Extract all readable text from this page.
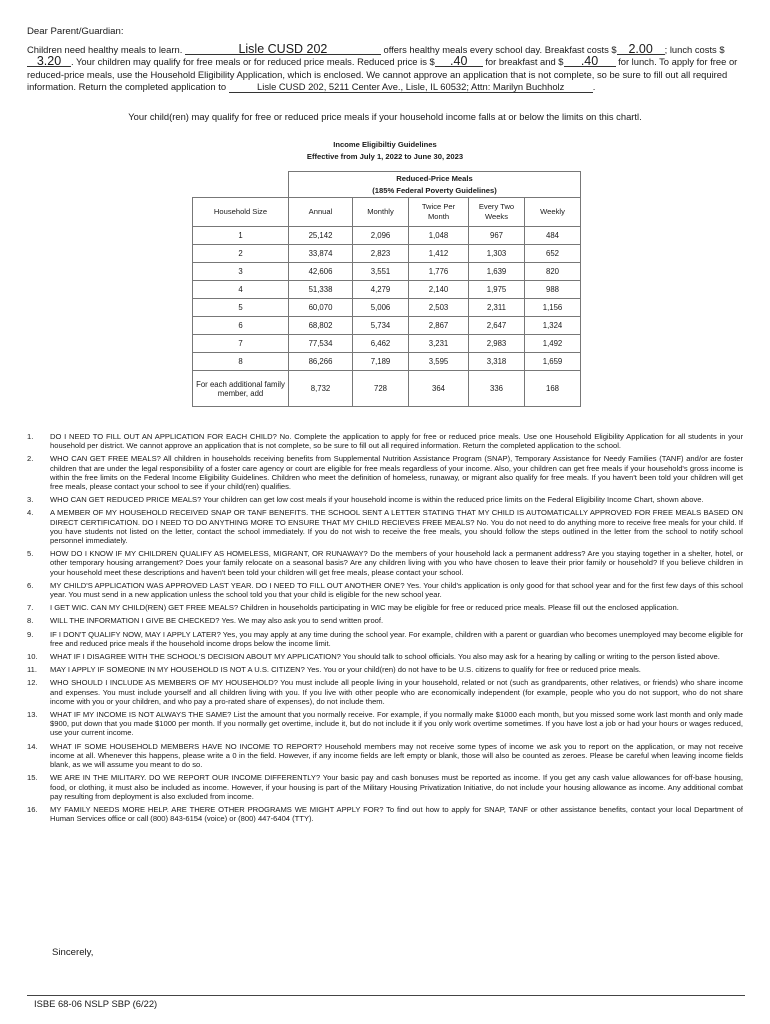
Dear Parent/Guardian:
Children need healthy meals to learn.	Lisle CUSD 202	offers healthy meals every school day. Breakfast costs $ 2.00 ; lunch costs $3.20 . Your children may qualify for free meals or for reduced price meals. Reduced price is $ .40 for breakfast and $ .40 for lunch. To apply for free or reduced-price meals, use the Household Eligibility Application, which is enclosed. We cannot approve an application that is not complete, so be sure to fill out all required information. Return the completed application to	Lisle CUSD 202, 5211 Center Ave., Lisle, IL 60532; Attn: Marilyn Buchholz	.
Your child(ren) may qualify for free or reduced price meals if your household income falls at or below the limits on this chartl.
Income Eligibiltiy Guidelines
Effective from July 1, 2022 to June 30, 2023

	Reduced-Price Meals
(185% Federal Poverty Guidelines)				

Household Size	Annual	Monthly	Twice Per Month	Every Two Weeks	Weekly
1	25,142	2,096	1,048	967	484
2	33,874	2,823	1,412	1,303	652
3	42,606	3,551	1,776	1,639	820
4	51,338	4,279	2,140	1,975	988
5	60,070	5,006	2,503	2,311	1,156
6	68,802	5,734	2,867	2,647	1,324
7	77,534	6,462	3,231	2,983	1,492
8	86,266	7,189	3,595	3,318	1,659
For each additional family member, add	8,732	728	364	336	168
1.	DO I NEED TO FILL OUT AN APPLICATION FOR EACH CHILD? No. Complete the application to apply for free or reduced price meals. Use one Household Eligibility Application for all students in your household per district. We cannot approve an application that is not complete, so be sure to fill out all required information. Return the completed application to the school.
2.	WHO CAN GET FREE MEALS? All children in households receiving benefits from Supplemental Nutrition Assistance Program (SNAP), Temporary Assistance for Needy Families (TANF) and/or are foster children that are under the legal responsibility of a foster care agency or court are eligible for free meals regardless of your income. Also, your children can get free meals if your household's gross income is within the free limits on the Federal Income Eligibility Guidelines. Children who meet the definition of homeless, runaway, or migrant also qualify for free meals. If you haven't been told your children will get free meals, please contact your school to see if your child(ren) qualifies.
3.	WHO CAN GET REDUCED PRICE MEALS? Your children can get low cost meals if your household income is within the reduced price limits on the Federal Eligibility Income Chart, shown above.
4.	A MEMBER OF MY HOUSEHOLD RECEIVED SNAP OR TANF BENEFITS. THE SCHOOL SENT A LETTER STATING THAT MY CHILD IS AUTOMATICALLY APPROVED FOR FREE MEALS BASED ON DIRECT CERTIFICATION. DO I NEED TO DO ANYTHING MORE TO ENSURE THAT MY CHILD RECIEVES FREE MEALS? No. You do not need to do anything more to receive free meals for your child. If you have students not listed on the letter, contact the school immediately. If you do not wish to receive the free meals, you should follow the steps outlined in the letter from the school to notify school personnel immediately.
5.	HOW DO I KNOW IF MY CHILDREN QUALIFY AS HOMELESS, MIGRANT, OR RUNAWAY? Do the members of your household lack a permanent address? Are you staying together in a shelter, hotel, or other temporary housing arrangement? Does your family relocate on a seasonal basis? Are any children living with you who have chosen to leave their prior family or household? If you believe children in your household meet these descriptions and haven't been told your children will get free meals, please contact your school.
6.	MY CHILD'S APPLICATION WAS APPROVED LAST YEAR. DO I NEED TO FILL OUT ANOTHER ONE? Yes. Your child's application is only good for that school year and for the first few days of this school year. You must send in a new application unless the school told you that your child is eligible for the new school year.
7.	I GET WIC. CAN MY CHILD(REN) GET FREE MEALS? Children in households participating in WIC may be eligible for free or reduced price meals. Please fill out the enclosed application.
8.	WILL THE INFORMATION I GIVE BE CHECKED? Yes. We may also ask you to send written proof.
9.	IF I DON'T QUALIFY NOW, MAY I APPLY LATER? Yes, you may apply at any time during the school year. For example, children with a parent or guardian who becomes unemployed may become eligible for free and reduced price meals if the household income drops below the income limit.
10.	WHAT IF I DISAGREE WITH THE SCHOOL'S DECISION ABOUT MY APPLICATION? You should talk to school officials. You also may ask for a hearing by calling or writing to the person listed above.
11.	MAY I APPLY IF SOMEONE IN MY HOUSEHOLD IS NOT A U.S. CITIZEN? Yes. You or your child(ren) do not have to be U.S. citizens to qualify for free or reduced price meals.
12.	WHO SHOULD I INCLUDE AS MEMBERS OF MY HOUSEHOLD? You must include all people living in your household, related or not (such as grandparents, other relatives, or friends) who share income and expenses. You must include yourself and all children living with you. If you live with other people who are economically independent (for example, people who you do not support, who do not share income with you or your children, and who pay a pro-rated share of expenses), do not include them.
13.	WHAT IF MY INCOME IS NOT ALWAYS THE SAME? List the amount that you normally receive. For example, if you normally make $1000 each month, but you missed some work last month and only made $900, put down that you made $1000 per month. If you normally get overtime, include it, but do not include it if you only work overtime sometimes. If you have lost a job or had your hours or wages reduced, use your current income.
14.	WHAT IF SOME HOUSEHOLD MEMBERS HAVE NO INCOME TO REPORT? Household members may not receive some types of income we ask you to report on the application, or may not receive income at all. Whenever this happens, please write a 0 in the field. However, if any income fields are left empty or blank, those will also be counted as zeroes. Please be careful when leaving income fields blank, as we will assume you meant to do so.
15.	WE ARE IN THE MILITARY. DO WE REPORT OUR INCOME DIFFERENTLY? Your basic pay and cash bonuses must be reported as income. If you get any cash value allowances for off-base housing, food, or clothing, it must also be included as income. However, if your housing is part of the Military Housing Privatization Initiative, do not include your housing allowance as income. Any additional combat pay resulting from deployment is also excluded from income.
16.	MY FAMILY NEEDS MORE HELP. ARE THERE OTHER PROGRAMS WE MIGHT APPLY FOR? To find out how to apply for SNAP, TANF or other assistance benefits, contact your local Department of Human Services office or call (800) 843-6154 (voice) or (800) 447-6404 (TTY).
Sincerely,
ISBE 68-06 NSLP SBP (6/22)
